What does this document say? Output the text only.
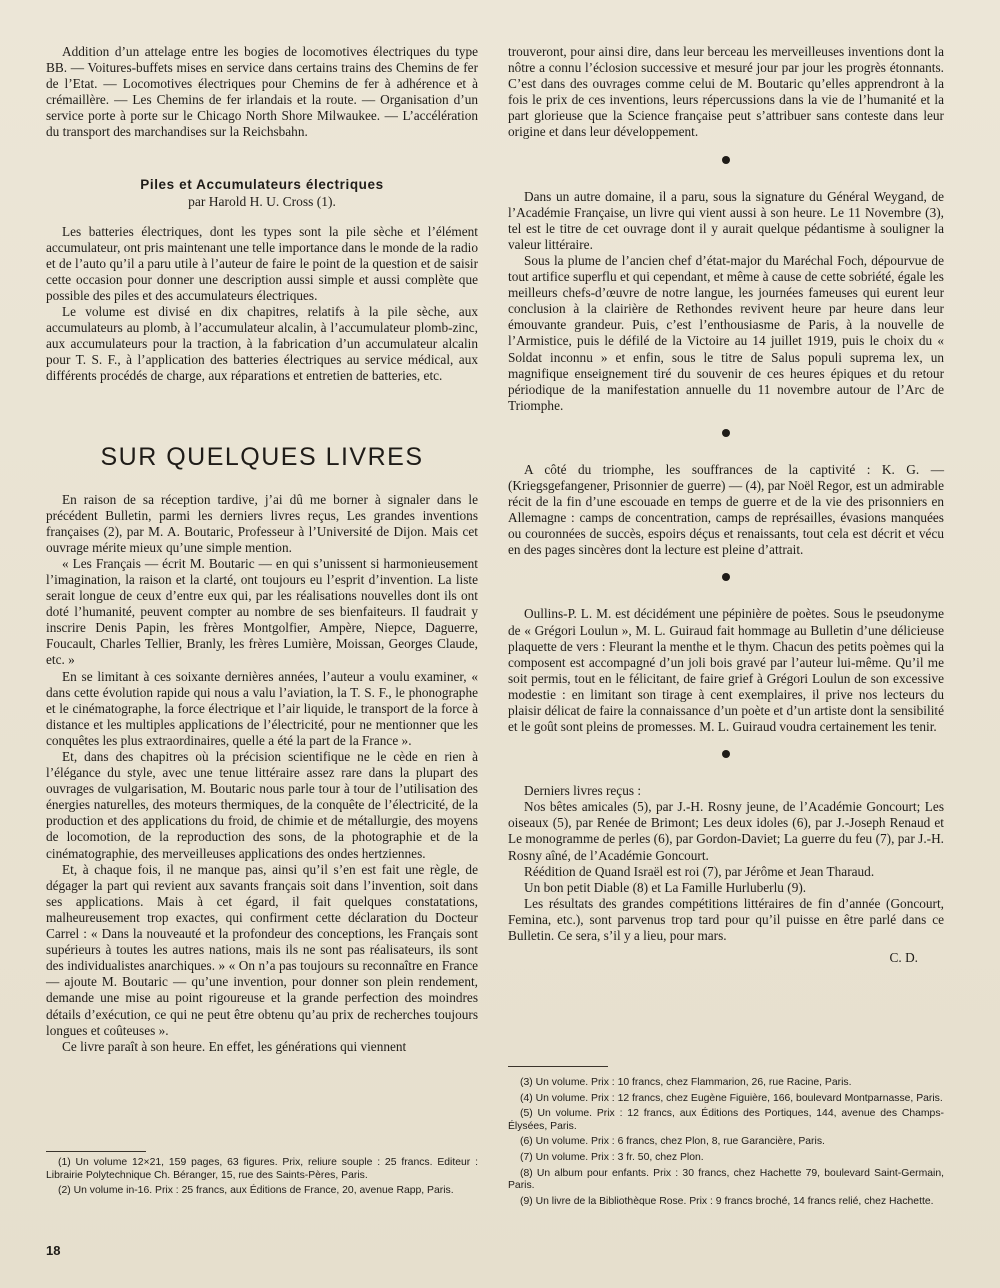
Addition d’un attelage entre les bogies de locomotives électriques du type BB. — Voitures-buffets mises en service dans certains trains des Chemins de fer de l’Etat. — Locomotives électriques pour Chemins de fer à adhérence et à crémaillère. — Les Chemins de fer irlandais et la route. — Organisation d’un service porte à porte sur le Chicago North Shore Milwaukee. — L’accélération du transport des marchandises sur la Reichsbahn.

Piles et Accumulateurs électriques
par Harold H. U. Cross (1).

Les batteries électriques, dont les types sont la pile sèche et l’élément accumulateur, ont pris maintenant une telle importance dans le monde de la radio et de l’auto qu’il a paru utile à l’auteur de faire le point de la question et de saisir cette occasion pour donner une description aussi simple et aussi complète que possible des piles et des accumulateurs électriques.

Le volume est divisé en dix chapitres, relatifs à la pile sèche, aux accumulateurs au plomb, à l’accumulateur alcalin, à l’accumulateur plomb-zinc, aux accumulateurs pour la traction, à la fabrication d’un accumulateur alcalin pour T. S. F., à l’application des batteries électriques au service médical, aux différents procédés de charge, aux réparations et entretien de batteries, etc.

SUR QUELQUES LIVRES

En raison de sa réception tardive, j’ai dû me borner à signaler dans le précédent Bulletin, parmi les derniers livres reçus, Les grandes inventions françaises (2), par M. A. Boutaric, Professeur à l’Université de Dijon. Mais cet ouvrage mérite mieux qu’une simple mention.

« Les Français — écrit M. Boutaric — en qui s’unissent si harmonieusement l’imagination, la raison et la clarté, ont toujours eu l’esprit d’invention. La liste serait longue de ceux d’entre eux qui, par les réalisations nouvelles dont ils ont doté l’humanité, peuvent compter au nombre de ses bienfaiteurs. Il faudrait y inscrire Denis Papin, les frères Montgolfier, Ampère, Niepce, Daguerre, Foucault, Charles Tellier, Branly, les frères Lumière, Moissan, Georges Claude, etc. »

En se limitant à ces soixante dernières années, l’auteur a voulu examiner, « dans cette évolution rapide qui nous a valu l’aviation, la T. S. F., le phonographe et le cinématographe, la force électrique et l’air liquide, le transport de la force à distance et les multiples applications de l’électricité, pour ne mentionner que les conquêtes les plus extraordinaires, quelle a été la part de la France ».

Et, dans des chapitres où la précision scientifique ne le cède en rien à l’élégance du style, avec une tenue littéraire assez rare dans la plupart des ouvrages de vulgarisation, M. Boutaric nous parle tour à tour de l’utilisation des énergies naturelles, des moteurs thermiques, de la conquête de l’électricité, de la production et des applications du froid, de chimie et de métallurgie, des moyens de locomotion, de la reproduction des sons, de la photographie et de la cinématographie, des merveilleuses applications des ondes hertziennes.

Et, à chaque fois, il ne manque pas, ainsi qu’il s’en est fait une règle, de dégager la part qui revient aux savants français soit dans l’invention, soit dans ses applications. Mais à cet égard, il fait quelques constatations, malheureusement trop exactes, qui confirment cette déclaration du Docteur Carrel : « Dans la nouveauté et la profondeur des conceptions, les Français sont supérieurs à toutes les autres nations, mais ils ne sont pas réalisateurs, ils sont des individualistes anarchiques. » « On n’a pas toujours su reconnaître en France — ajoute M. Boutaric — qu’une invention, pour donner son plein rendement, demande une mise au point rigoureuse et la grande perfection des moindres détails d’exécution, ce qui ne peut être obtenu qu’au prix de recherches toujours longues et coûteuses ».

Ce livre paraît à son heure. En effet, les générations qui viennent

(1) Un volume 12×21, 159 pages, 63 figures. Prix, reliure souple : 25 francs. Editeur : Librairie Polytechnique Ch. Béranger, 15, rue des Saints-Pères, Paris.

(2) Un volume in-16. Prix : 25 francs, aux Éditions de France, 20, avenue Rapp, Paris.

trouveront, pour ainsi dire, dans leur berceau les merveilleuses inventions dont la nôtre a connu l’éclosion successive et mesuré jour par jour les progrès étonnants. C’est dans des ouvrages comme celui de M. Boutaric qu’elles apprendront à la fois le prix de ces inventions, leurs répercussions dans la vie de l’humanité et la part glorieuse que la Science française peut s’attribuer sans conteste dans leur origine et dans leur développement.

Dans un autre domaine, il a paru, sous la signature du Général Weygand, de l’Académie Française, un livre qui vient aussi à son heure. Le 11 Novembre (3), tel est le titre de cet ouvrage dont il y aurait quelque pédantisme à souligner la valeur littéraire.

Sous la plume de l’ancien chef d’état-major du Maréchal Foch, dépourvue de tout artifice superflu et qui cependant, et même à cause de cette sobriété, égale les meilleurs chefs-d’œuvre de notre langue, les journées fameuses qui eurent leur conclusion à la clairière de Rethondes revivent heure par heure dans leur émouvante grandeur. Puis, c’est l’enthousiasme de Paris, à la nouvelle de l’Armistice, puis le défilé de la Victoire au 14 juillet 1919, puis le choix du « Soldat inconnu » et enfin, sous le titre de Salus populi suprema lex, un magnifique enseignement tiré du souvenir de ces heures épiques et du retour périodique de la manifestation annuelle du 11 novembre autour de l’Arc de Triomphe.

A côté du triomphe, les souffrances de la captivité : K. G. — (Kriegsgefangener, Prisonnier de guerre) — (4), par Noël Regor, est un admirable récit de la fin d’une escouade en temps de guerre et de la vie des prisonniers en Allemagne : camps de concentration, camps de représailles, évasions manquées ou couronnées de succès, espoirs déçus et renaissants, tout cela est décrit et vécu en des pages sincères dont la lecture est pleine d’attrait.

Oullins-P. L. M. est décidément une pépinière de poètes. Sous le pseudonyme de « Grégori Loulun », M. L. Guiraud fait hommage au Bulletin d’une délicieuse plaquette de vers : Fleurant la menthe et le thym. Chacun des petits poèmes qui la composent est accompagné d’un joli bois gravé par l’auteur lui-même. Qu’il me soit permis, tout en le félicitant, de faire grief à Grégori Loulun de son excessive modestie : en limitant son tirage à cent exemplaires, il prive nos lecteurs du plaisir délicat de faire la connaissance d’un poète et d’un artiste dont la sensibilité et le goût sont pleins de promesses. M. L. Guiraud voudra certainement les tenir.

Derniers livres reçus :

Nos bêtes amicales (5), par J.-H. Rosny jeune, de l’Académie Goncourt; Les oiseaux (5), par Renée de Brimont; Les deux idoles (6), par J.-Joseph Renaud et Le monogramme de perles (6), par Gordon-Daviet; La guerre du feu (7), par J.-H. Rosny aîné, de l’Académie Goncourt.

Réédition de Quand Israël est roi (7), par Jérôme et Jean Tharaud.

Un bon petit Diable (8) et La Famille Hurluberlu (9).

Les résultats des grandes compétitions littéraires de fin d’année (Goncourt, Femina, etc.), sont parvenus trop tard pour qu’il puisse en être parlé dans ce Bulletin. Ce sera, s’il y a lieu, pour mars.

C. D.

(3) Un volume. Prix : 10 francs, chez Flammarion, 26, rue Racine, Paris.

(4) Un volume. Prix : 12 francs, chez Eugène Figuière, 166, boulevard Montparnasse, Paris.

(5) Un volume. Prix : 12 francs, aux Éditions des Portiques, 144, avenue des Champs-Élysées, Paris.

(6) Un volume. Prix : 6 francs, chez Plon, 8, rue Garancière, Paris.

(7) Un volume. Prix : 3 fr. 50, chez Plon.

(8) Un album pour enfants. Prix : 30 francs, chez Hachette 79, boulevard Saint-Germain, Paris.

(9) Un livre de la Bibliothèque Rose. Prix : 9 francs broché, 14 francs relié, chez Hachette.

18
